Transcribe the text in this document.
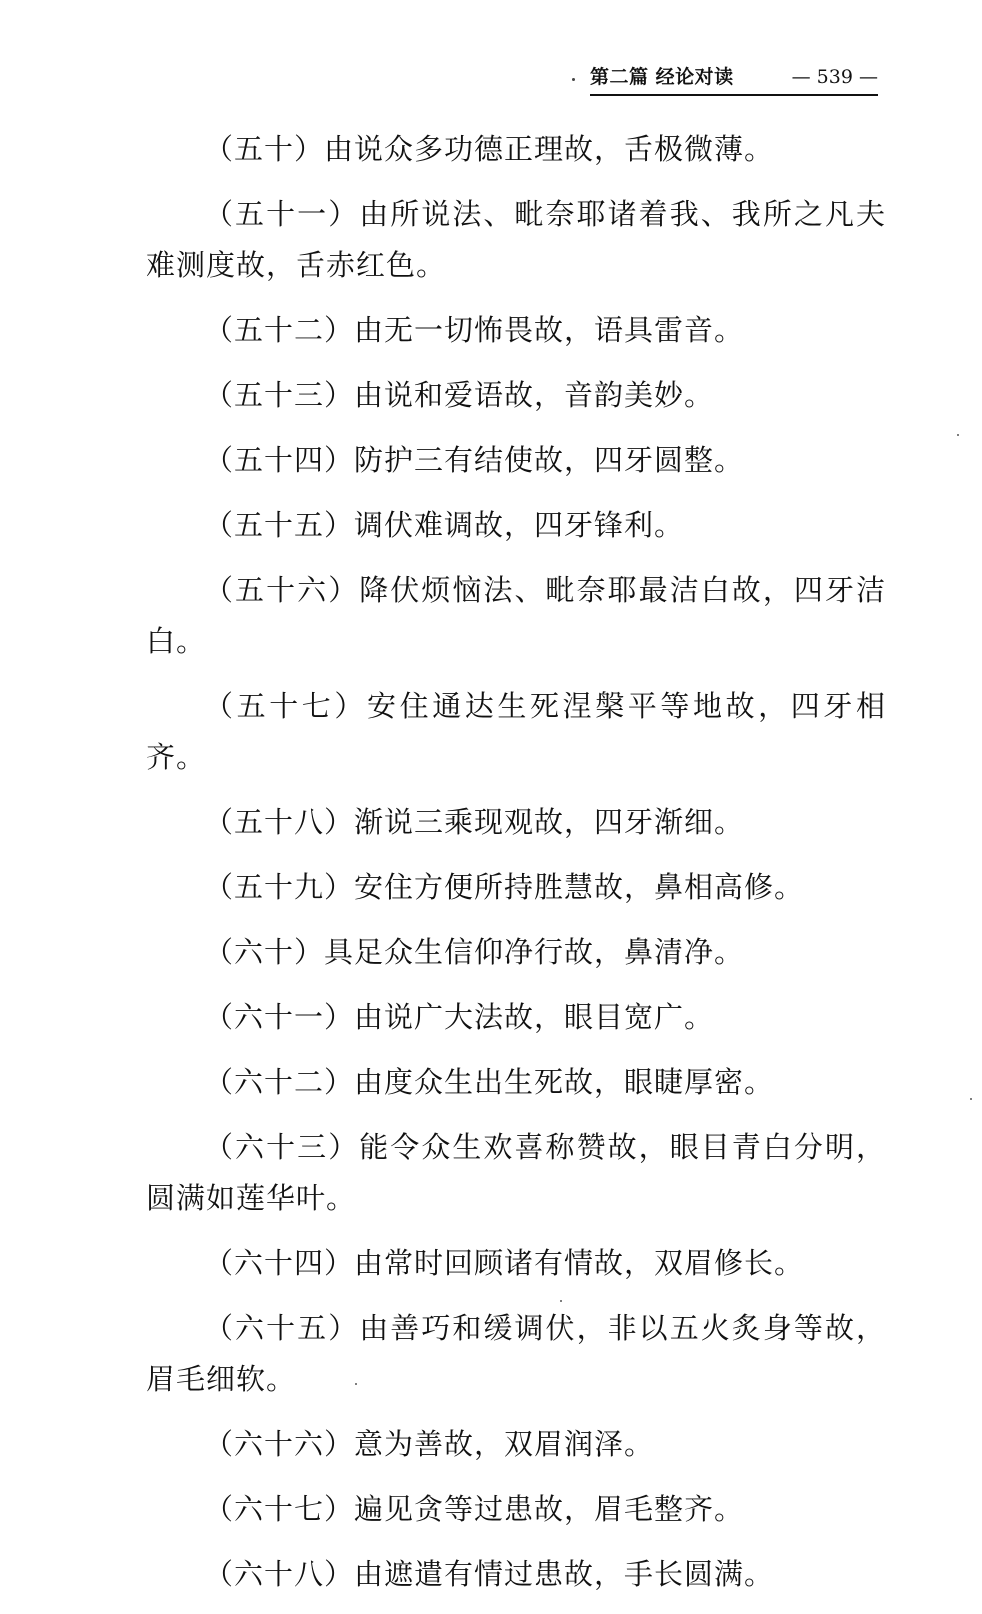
第二篇 经论对读	— 539 —

（五十）由说众多功德正理故，舌极微薄。

（五十一）由所说法、毗奈耶诸着我、我所之凡夫难测度故，舌赤红色。

（五十二）由无一切怖畏故，语具雷音。

（五十三）由说和爱语故，音韵美妙。

（五十四）防护三有结使故，四牙圆整。

（五十五）调伏难调故，四牙锋利。

（五十六）降伏烦恼法、毗奈耶最洁白故，四牙洁白。

（五十七）安住通达生死涅槃平等地故，四牙相齐。

（五十八）渐说三乘现观故，四牙渐细。

（五十九）安住方便所持胜慧故，鼻相高修。

（六十）具足众生信仰净行故，鼻清净。

（六十一）由说广大法故，眼目宽广。

（六十二）由度众生出生死故，眼睫厚密。

（六十三）能令众生欢喜称赞故，眼目青白分明，圆满如莲华叶。

（六十四）由常时回顾诸有情故，双眉修长。

（六十五）由善巧和缓调伏，非以五火炙身等故，眉毛细软。

（六十六）意为善故，双眉润泽。

（六十七）遍见贪等过患故，眉毛整齐。

（六十八）由遮遣有情过患故，手长圆满。
